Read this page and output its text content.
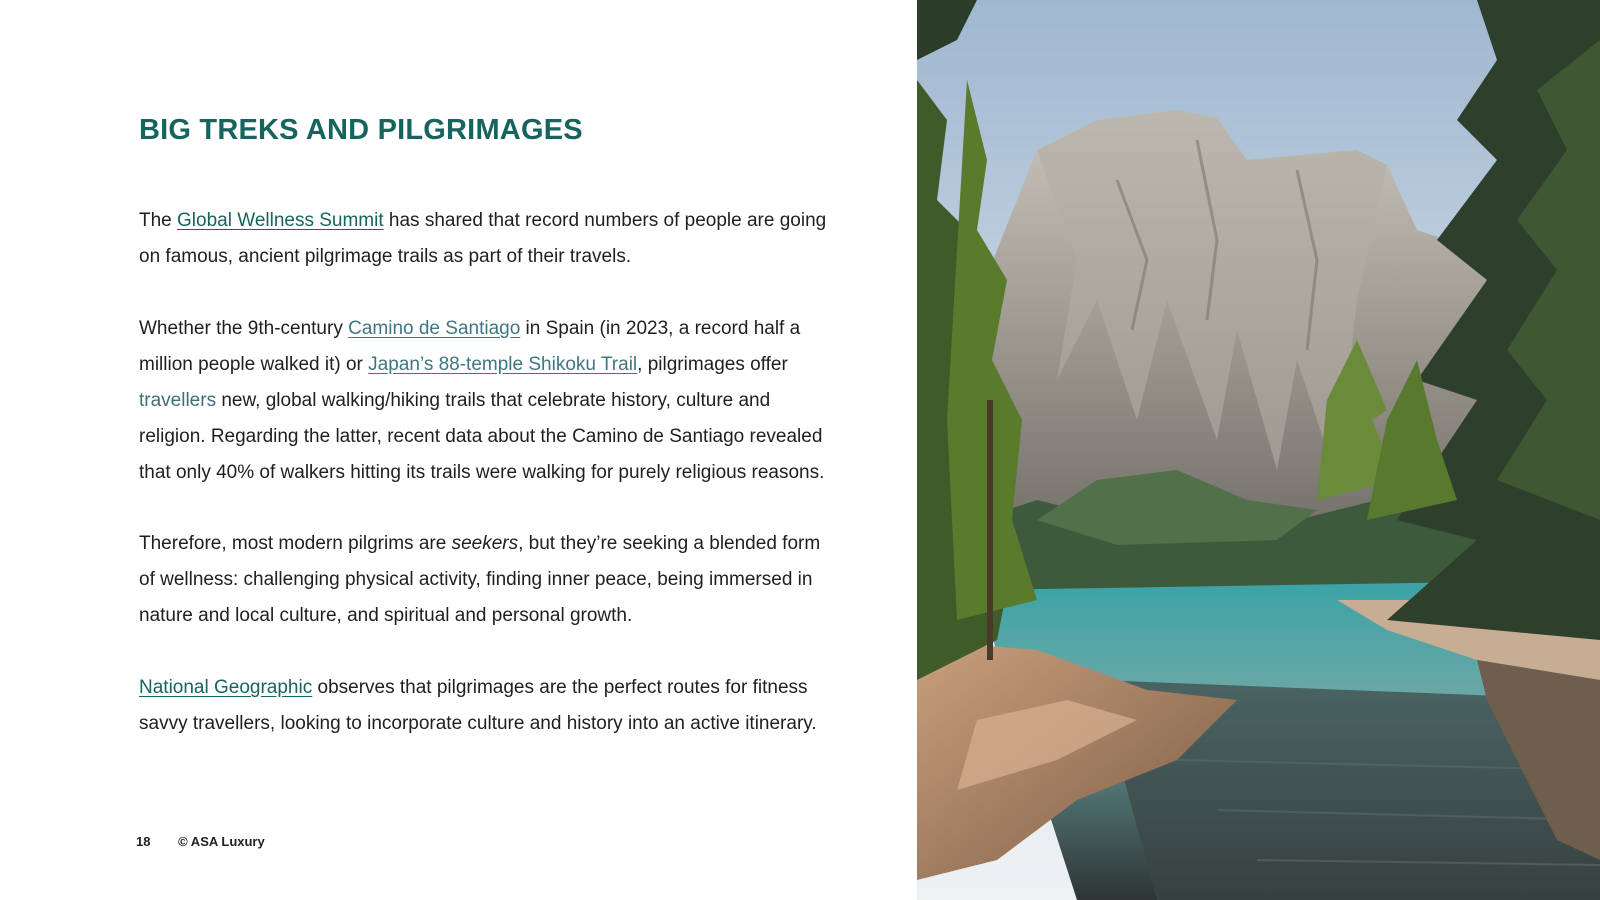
BIG TREKS AND PILGRIMAGES

The Global Wellness Summit has shared that record numbers of people are going on famous, ancient pilgrimage trails as part of their travels.

Whether the 9th-century Camino de Santiago in Spain (in 2023, a record half a million people walked it) or Japan’s 88-temple Shikoku Trail, pilgrimages offer travellers new, global walking/hiking trails that celebrate history, culture and religion. Regarding the latter, recent data about the Camino de Santiago revealed that only 40% of walkers hitting its trails were walking for purely religious reasons.

Therefore, most modern pilgrims are seekers, but they’re seeking a blended form of wellness: challenging physical activity, finding inner peace, being immersed in nature and local culture, and spiritual and personal growth.

National Geographic observes that pilgrimages are the perfect routes for fitness savvy travellers, looking to incorporate culture and history into an active itinerary.

18 © ASA Luxury
